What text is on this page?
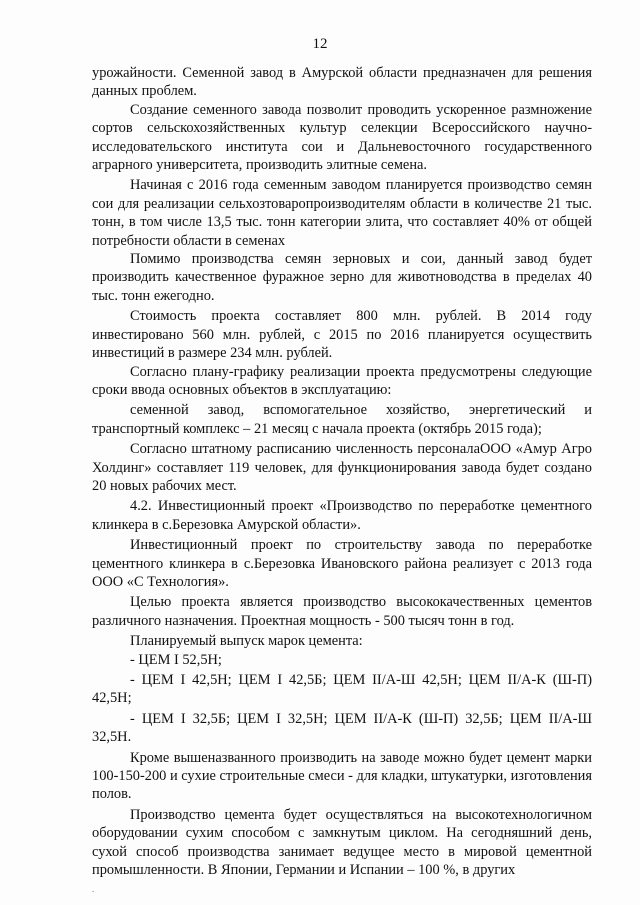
12

урожайности. Семенной завод в Амурской области предназначен для решения данных проблем.

Создание семенного завода позволит проводить ускоренное размножение сортов сельскохозяйственных культур селекции Всероссийского научно-исследовательского института сои и Дальневосточного государственного аграрного университета, производить элитные семена.

Начиная с 2016 года семенным заводом планируется производство семян сои для реализации сельхозтоваропроизводителям области в количестве 21 тыс. тонн, в том числе 13,5 тыс. тонн категории элита, что составляет 40% от общей потребности области в семенах

Помимо производства семян зерновых и сои, данный завод будет производить качественное фуражное зерно для животноводства в пределах 40 тыс. тонн ежегодно.

Стоимость проекта составляет 800 млн. рублей. В 2014 году инвестировано 560 млн. рублей, с 2015 по 2016 планируется осуществить инвестиций в размере 234 млн. рублей.

Согласно плану-графику реализации проекта предусмотрены следующие сроки ввода основных объектов в эксплуатацию:

семенной завод, вспомогательное хозяйство, энергетический и транспортный комплекс – 21 месяц с начала проекта (октябрь 2015 года);

Согласно штатному расписанию численность персоналаООО «Амур Агро Холдинг» составляет 119 человек, для функционирования завода будет создано 20 новых рабочих мест.

4.2. Инвестиционный проект «Производство по переработке цементного клинкера в с.Березовка Амурской области».

Инвестиционный проект по строительству завода по переработке цементного клинкера в с.Березовка Ивановского района реализует с 2013 года ООО «С Технология».

Целью проекта является производство высококачественных цементов различного назначения. Проектная мощность - 500 тысяч тонн в год.

Планируемый выпуск марок цемента:

- ЦЕМ I 52,5Н;

- ЦЕМ I 42,5Н; ЦЕМ I 42,5Б; ЦЕМ II/А-Ш 42,5Н; ЦЕМ II/А-К (Ш-П) 42,5Н;

- ЦЕМ I 32,5Б; ЦЕМ I 32,5Н; ЦЕМ II/А-К (Ш-П) 32,5Б; ЦЕМ II/А-Ш 32,5Н.

Кроме вышеназванного производить на заводе можно будет цемент марки 100-150-200 и сухие строительные смеси - для кладки, штукатурки, изготовления полов.

Производство цемента будет осуществляться на высокотехнологичном оборудовании сухим способом с замкнутым циклом. На сегодняшний день, сухой способ производства занимает ведущее место в мировой цементной промышленности. В Японии, Германии и Испании – 100 %, в других

.
